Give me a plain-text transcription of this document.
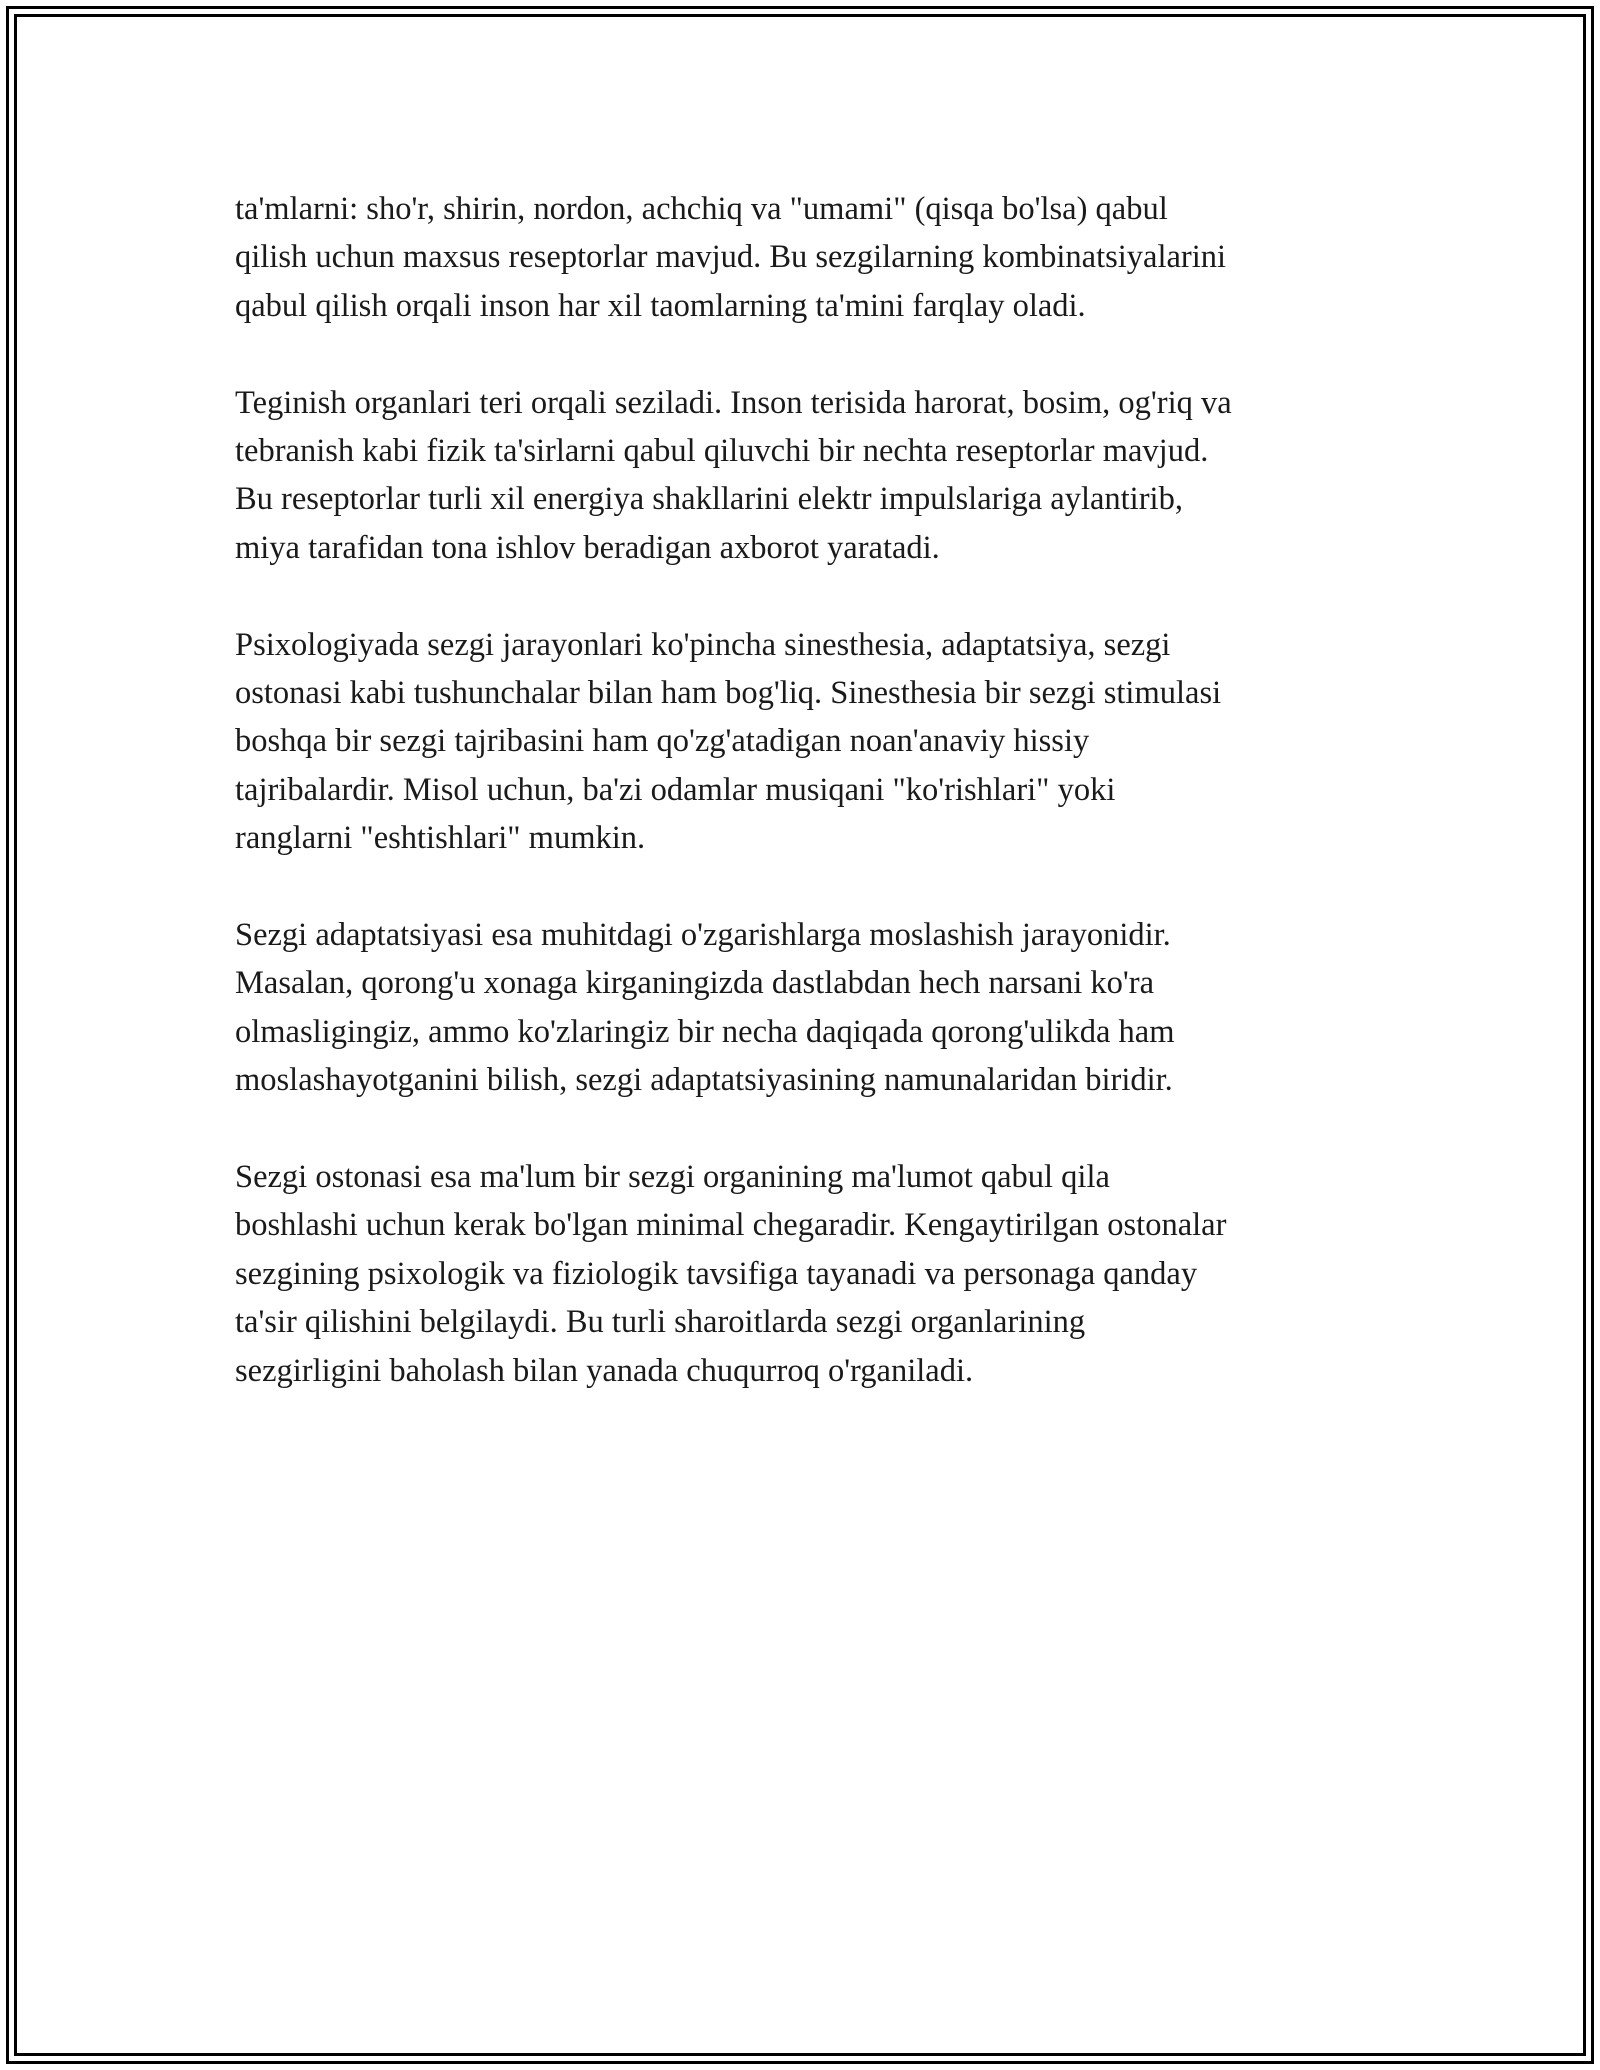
ta'mlarni: sho'r, shirin, nordon, achchiq va "umami" (qisqa bo'lsa) qabul
qilish uchun maxsus reseptorlar mavjud. Bu sezgilarning kombinatsiyalarini
qabul qilish orqali inson har xil taomlarning ta'mini farqlay oladi.

Teginish organlari teri orqali seziladi. Inson terisida harorat, bosim, og'riq va
tebranish kabi fizik ta'sirlarni qabul qiluvchi bir nechta reseptorlar mavjud.
Bu reseptorlar turli xil energiya shakllarini elektr impulslariga aylantirib,
miya tarafidan tona ishlov beradigan axborot yaratadi.

Psixologiyada sezgi jarayonlari ko'pincha sinesthesia, adaptatsiya, sezgi
ostonasi kabi tushunchalar bilan ham bog'liq. Sinesthesia bir sezgi stimulasi
boshqa bir sezgi tajribasini ham qo'zg'atadigan noan'anaviy hissiy
tajribalardir. Misol uchun, ba'zi odamlar musiqani "ko'rishlari" yoki
ranglarni "eshtishlari" mumkin.

Sezgi adaptatsiyasi esa muhitdagi o'zgarishlarga moslashish jarayonidir.
Masalan, qorong'u xonaga kirganingizda dastlabdan hech narsani ko'ra
olmasligingiz, ammo ko'zlaringiz bir necha daqiqada qorong'ulikda ham
moslashayotganini bilish, sezgi adaptatsiyasining namunalaridan biridir.

Sezgi ostonasi esa ma'lum bir sezgi organining ma'lumot qabul qila
boshlashi uchun kerak bo'lgan minimal chegaradir. Kengaytirilgan ostonalar
sezgining psixologik va fiziologik tavsifiga tayanadi va personaga qanday
ta'sir qilishini belgilaydi. Bu turli sharoitlarda sezgi organlarining
sezgirligini baholash bilan yanada chuqurroq o'rganiladi.
